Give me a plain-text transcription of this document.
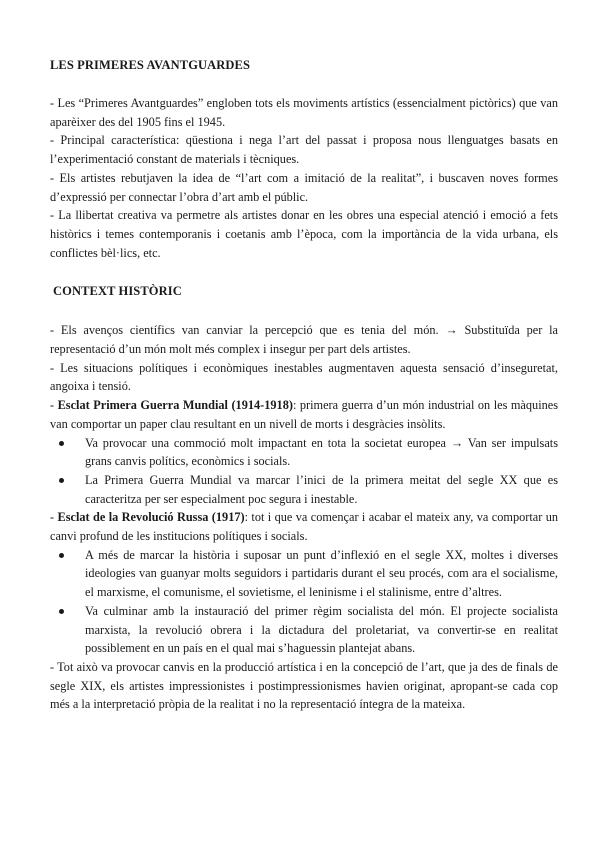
LES PRIMERES AVANTGUARDES

- Les “Primeres Avantguardes” engloben tots els moviments artístics (essencialment pictòrics) que van aparèixer des del 1905 fins el 1945.

- Principal característica: qüestiona i nega l’art del passat i proposa nous llenguatges basats en l’experimentació constant de materials i tècniques.

- Els artistes rebutjaven la idea de “l’art com a imitació de la realitat”, i buscaven noves formes d’expressió per connectar l’obra d’art amb el públic.

- La llibertat creativa va permetre als artistes donar en les obres una especial atenció i emoció a fets històrics i temes contemporanis i coetanis amb l’època, com la importància de la vida urbana, els conflictes bèl·lics, etc.

CONTEXT HISTÒRIC

- Els avenços científics van canviar la percepció que es tenia del món. → Substituïda per la representació d’un món molt més complex i insegur per part dels artistes.

- Les situacions polítiques i econòmiques inestables augmentaven aquesta sensació d’inseguretat, angoixa i tensió.

- Esclat Primera Guerra Mundial (1914-1918): primera guerra d’un món industrial on les màquines van comportar un paper clau resultant en un nivell de morts i desgràcies insòlits.

Va provocar una commoció molt impactant en tota la societat europea → Van ser impulsats grans canvis polítics, econòmics i socials.
La Primera Guerra Mundial va marcar l’inici de la primera meitat del segle XX que es caracteritza per ser especialment poc segura i inestable.

- Esclat de la Revolució Russa (1917): tot i que va començar i acabar el mateix any, va comportar un canvi profund de les institucions polítiques i socials.

A més de marcar la història i suposar un punt d’inflexió en el segle XX, moltes i diverses ideologies van guanyar molts seguidors i partidaris durant el seu procés, com ara el socialisme, el marxisme, el comunisme, el sovietisme, el leninisme i el stalinisme, entre d’altres.
Va culminar amb la instauració del primer règim socialista del món. El projecte socialista marxista, la revolució obrera i la dictadura del proletariat, va convertir-se en realitat possiblement en un país en el qual mai s’haguessin plantejat abans.

- Tot això va provocar canvis en la producció artística i en la concepció de l’art, que ja des de finals de segle XIX, els artistes impressionistes i postimpressionismes havien originat, apropant-se cada cop més a la interpretació pròpia de la realitat i no la representació íntegra de la mateixa.
